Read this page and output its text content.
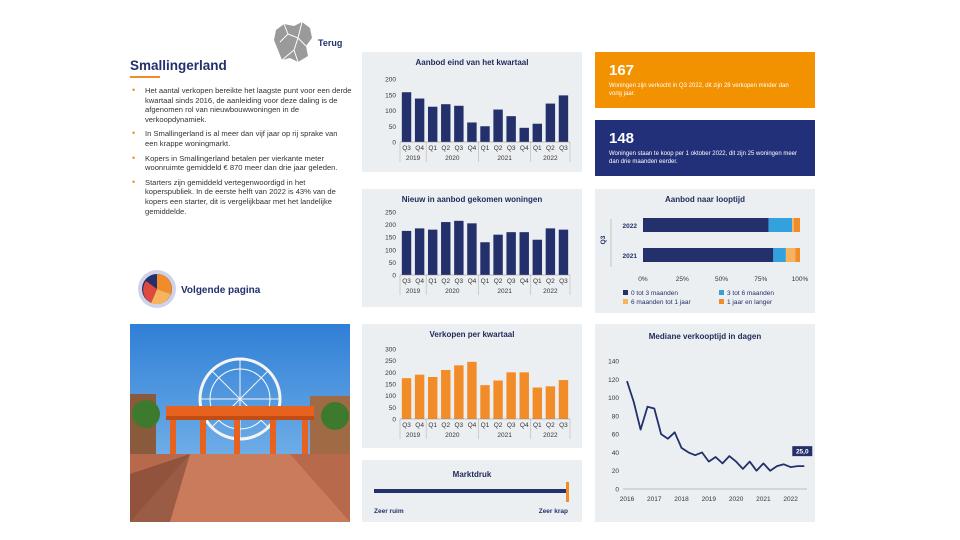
Terug
Smallingerland
• Het aantal verkopen bereikte het laagste punt voor een derde kwartaal sinds 2016, de aanleiding voor deze daling is de afgenomen rol van nieuwbouwwoningen in de verkoopdynamiek.
• In Smallingerland is al meer dan vijf jaar op rij sprake van een krappe woningmarkt.
• Kopers in Smallingerland betalen per vierkante meter woonruimte gemiddeld € 870 meer dan drie jaar geleden.
• Starters zijn gemiddeld vertegenwoordigd in het koperspubliek. In de eerste helft van 2022 is 43% van de kopers een starter, dit is vergelijkbaar met het landelijke gemiddelde.
Volgende pagina
Aanbod eind van het kwartaal
0
50
100
150
200
Q3 Q4 Q1 Q2 Q3 Q4 Q1 Q2 Q3 Q4 Q1 Q2 Q3
2019	2020	2021	2022
Nieuw in aanbod gekomen woningen
0
50
100
150
200
250
Q3 Q4 Q1 Q2 Q3 Q4 Q1 Q2 Q3 Q4 Q1 Q2 Q3
2019	2020	2021	2022
Verkopen per kwartaal
0
50
100
150
200
250
300
Q3 Q4 Q1 Q2 Q3 Q4 Q1 Q2 Q3 Q4 Q1 Q2 Q3
2019	2020	2021	2022
Marktdruk
Zeer ruim	Zeer krap
167
Woningen zijn verkocht in Q3 2022, dit zijn 28 verkopen minder dan vorig jaar.
148
Woningen staan te koop per 1 oktober 2022, dit zijn 25 woningen meer dan drie maanden eerder.
Aanbod naar looptijd
Q3
2022
2021
0%	25%	50%	75%	100%
0 tot 3 maanden	3 tot 6 maanden
6 maanden tot 1 jaar	1 jaar en langer
Mediane verkooptijd in dagen
0
20
40
60
80
100
120
140
2016 2017 2018 2019 2020 2021 2022
25,0
